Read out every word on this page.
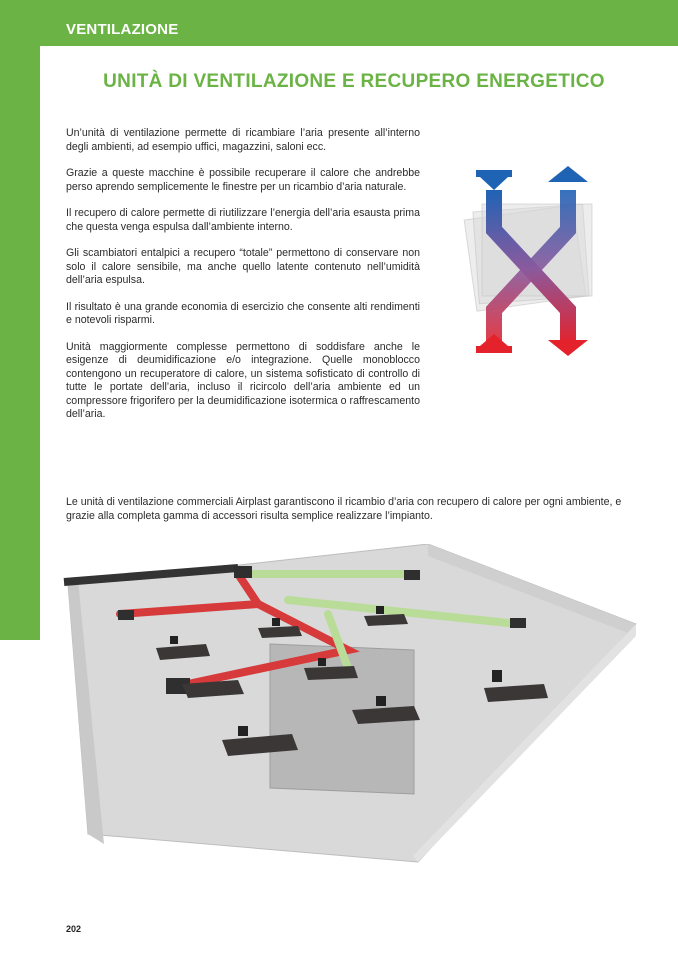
VENTILAZIONE
UNITÀ DI VENTILAZIONE E RECUPERO ENERGETICO

Un’unità di ventilazione permette di ricambiare l’aria presente all’interno degli ambienti, ad esempio uffici, magazzini, saloni ecc.

Grazie a queste macchine è possibile recuperare il calore che andrebbe perso aprendo semplicemente le finestre per un ricambio d’aria naturale.

Il recupero di calore permette di riutilizzare l’energia dell’aria esausta prima che questa venga espulsa dall’ambiente interno.

Gli scambiatori entalpici a recupero “totale” permettono di conservare non solo il calore sensibile, ma anche quello latente contenuto nell’umidità dell’aria espulsa.

Il risultato è una grande economia di esercizio che consente alti rendimenti e notevoli risparmi.

Unità maggiormente complesse permettono di soddisfare anche le esigenze di deumidificazione e/o integrazione. Quelle monoblocco contengono un recuperatore di calore, un sistema sofisticato di controllo di tutte le portate dell’aria, incluso il ricircolo dell’aria ambiente ed un compressore frigorifero per la deumidificazione isotermica o raffrescamento dell’aria.

Le unità di ventilazione commerciali Airplast garantiscono il ricambio d’aria con recupero di calore per ogni ambiente, e grazie alla completa gamma di accessori risulta semplice realizzare l’impianto.

202
